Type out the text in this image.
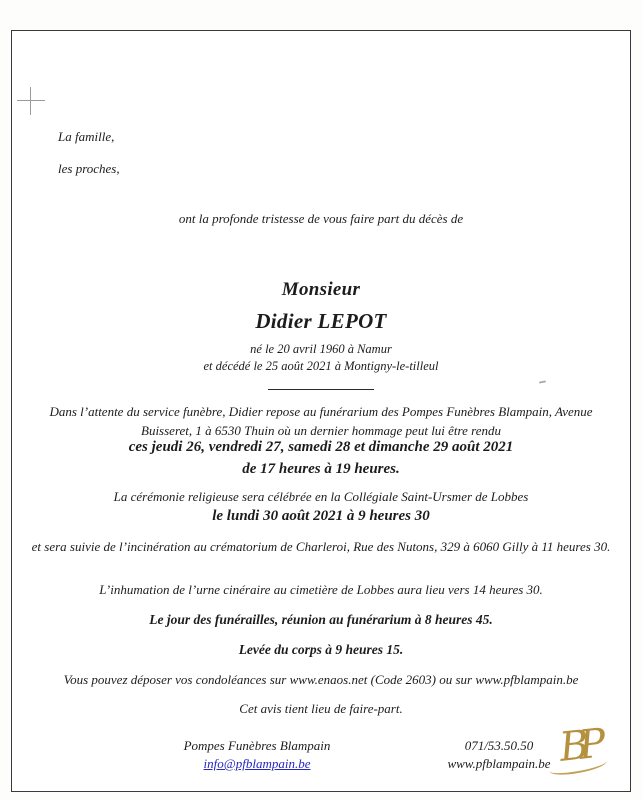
La famille,

les proches,

ont la profonde tristesse de vous faire part du décès de

Monsieur

Didier LEPOT

né le 20 avril 1960 à Namur

et décédé le 25 août 2021 à Montigny-le-tilleul

Dans l’attente du service funèbre, Didier repose au funérarium des Pompes Funèbres Blampain, Avenue Buisseret, 1 à 6530 Thuin où un dernier hommage peut lui être rendu

ces jeudi 26, vendredi 27, samedi 28 et dimanche 29 août 2021

de 17 heures à 19 heures.

La cérémonie religieuse sera célébrée en la Collégiale Saint-Ursmer de Lobbes

le lundi 30 août 2021 à 9 heures 30

et sera suivie de l’incinération au crématorium de Charleroi, Rue des Nutons, 329 à 6060 Gilly à 11 heures 30.

L’inhumation de l’urne cinéraire au cimetière de Lobbes aura lieu vers 14 heures 30.

Le jour des funérailles, réunion au funérarium à 8 heures 45.

Levée du corps à 9 heures 15.

Vous pouvez déposer vos condoléances sur www.enaos.net (Code 2603) ou sur www.pfblampain.be

Cet avis tient lieu de faire-part.

Pompes Funèbres Blampain

info@pfblampain.be

071/53.50.50

www.pfblampain.be BP
